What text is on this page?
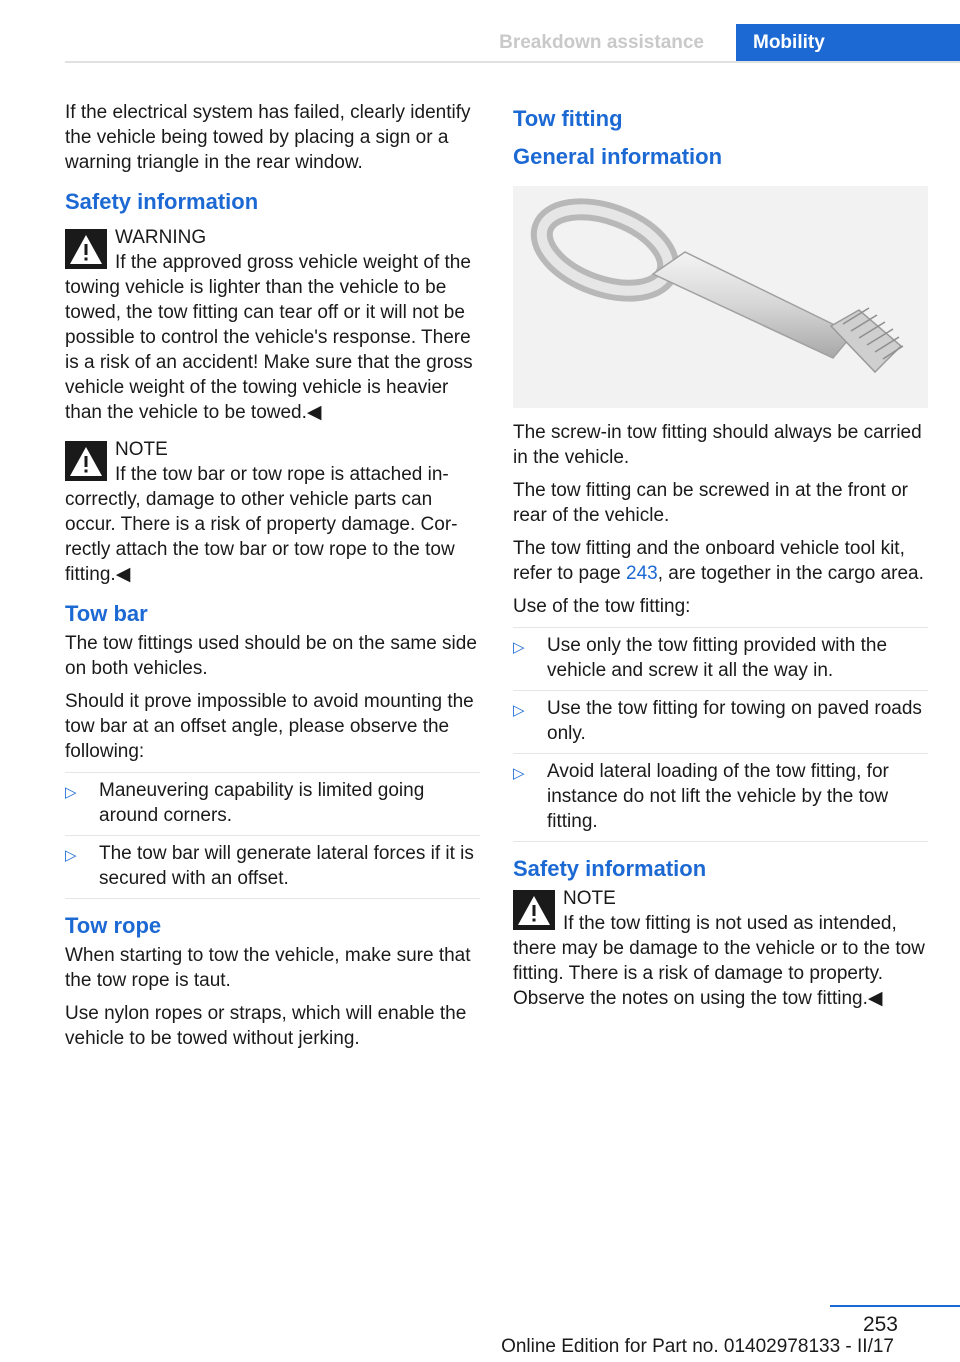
Breakdown assistance	Mobility

If the electrical system has failed, clearly identify the vehicle being towed by placing a sign or a warning triangle in the rear window.

Safety information
WARNING
If the approved gross vehicle weight of the towing vehicle is lighter than the vehicle to be towed, the tow fitting can tear off or it will not be possible to control the vehicle's response. There is a risk of an accident! Make sure that the gross vehicle weight of the towing vehicle is heavier than the vehicle to be towed.◀
NOTE
If the tow bar or tow rope is attached incorrectly, damage to other vehicle parts can occur. There is a risk of property damage. Correctly attach the tow bar or tow rope to the tow fitting.◀
Tow bar

The tow fittings used should be on the same side on both vehicles.

Should it prove impossible to avoid mounting the tow bar at an offset angle, please observe the following:

▷ Maneuvering capability is limited going around corners.
▷ The tow bar will generate lateral forces if it is secured with an offset.
Tow rope

When starting to tow the vehicle, make sure that the tow rope is taut.

Use nylon ropes or straps, which will enable the vehicle to be towed without jerking.

Tow fitting
General information

The screw-in tow fitting should always be carried in the vehicle.

The tow fitting can be screwed in at the front or rear of the vehicle.

The tow fitting and the onboard vehicle tool kit, refer to page 243, are together in the cargo area.

Use of the tow fitting:

▷ Use only the tow fitting provided with the vehicle and screw it all the way in.
▷ Use the tow fitting for towing on paved roads only.
▷ Avoid lateral loading of the tow fitting, for instance do not lift the vehicle by the tow fitting.
Safety information
NOTE
If the tow fitting is not used as intended, there may be damage to the vehicle or to the tow fitting. There is a risk of damage to property. Observe the notes on using the tow fitting.◀
253
Online Edition for Part no. 01402978133 - II/17
